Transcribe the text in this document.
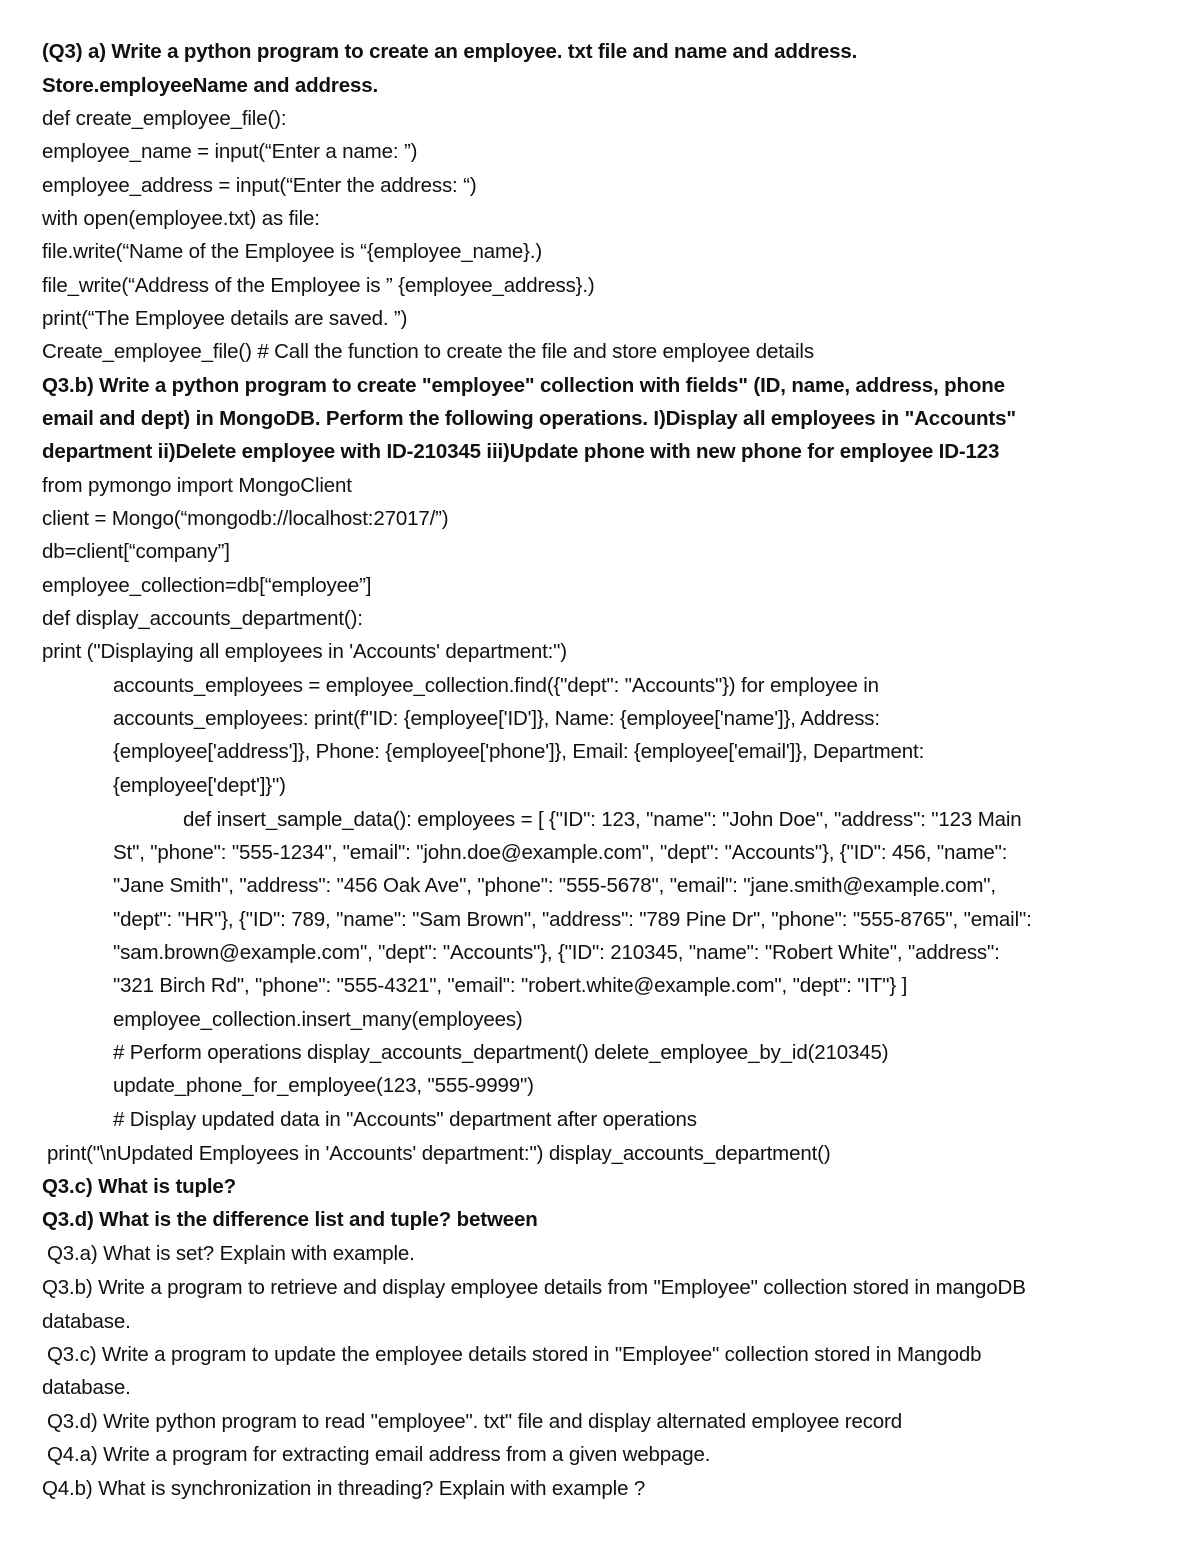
(Q3) a) Write a python program to create an employee. txt file and name and address.
Store.employeeName and address.
def create_employee_file():
employee_name = input(“Enter a name: ”)
employee_address = input(“Enter the address: “)
with open(employee.txt) as file:
file.write(“Name of the Employee is “{employee_name}.)
file_write(“Address of the Employee is ” {employee_address}.)
print(“The Employee details are saved. ”)
Create_employee_file() # Call the function to create the file and store employee details
Q3.b) Write a python program to create "employee" collection with fields" (ID, name, address, phone
email and dept) in MongoDB. Perform the following operations. I)Display all employees in "Accounts"
department ii)Delete employee with ID-210345 iii)Update phone with new phone for employee ID-123
from pymongo import MongoClient
client = Mongo(“mongodb://localhost:27017/”)
db=client[“company”]
employee_collection=db[“employee”]
def display_accounts_department():
print ("Displaying all employees in 'Accounts' department:")
accounts_employees = employee_collection.find({"dept": "Accounts"}) for employee in
accounts_employees: print(f"ID: {employee['ID']}, Name: {employee['name']}, Address:
{employee['address']}, Phone: {employee['phone']}, Email: {employee['email']}, Department:
{employee['dept']}")
def insert_sample_data(): employees = [ {"ID": 123, "name": "John Doe", "address": "123 Main
St", "phone": "555-1234", "email": "john.doe@example.com", "dept": "Accounts"}, {"ID": 456, "name":
"Jane Smith", "address": "456 Oak Ave", "phone": "555-5678", "email": "jane.smith@example.com",
"dept": "HR"}, {"ID": 789, "name": "Sam Brown", "address": "789 Pine Dr", "phone": "555-8765", "email":
"sam.brown@example.com", "dept": "Accounts"}, {"ID": 210345, "name": "Robert White", "address":
"321 Birch Rd", "phone": "555-4321", "email": "robert.white@example.com", "dept": "IT"} ]
employee_collection.insert_many(employees)
# Perform operations display_accounts_department() delete_employee_by_id(210345)
update_phone_for_employee(123, "555-9999")
# Display updated data in "Accounts" department after operations
print("\nUpdated Employees in 'Accounts' department:") display_accounts_department()
Q3.c) What is tuple?
Q3.d) What is the difference list and tuple? between
Q3.a) What is set? Explain with example.
Q3.b) Write a program to retrieve and display employee details from "Employee" collection stored in mangoDB
database.
Q3.c) Write a program to update the employee details stored in "Employee" collection stored in Mangodb
database.
Q3.d) Write python program to read "employee". txt" file and display alternated employee record
Q4.a) Write a program for extracting email address from a given webpage.
Q4.b) What is synchronization in threading? Explain with example ?
